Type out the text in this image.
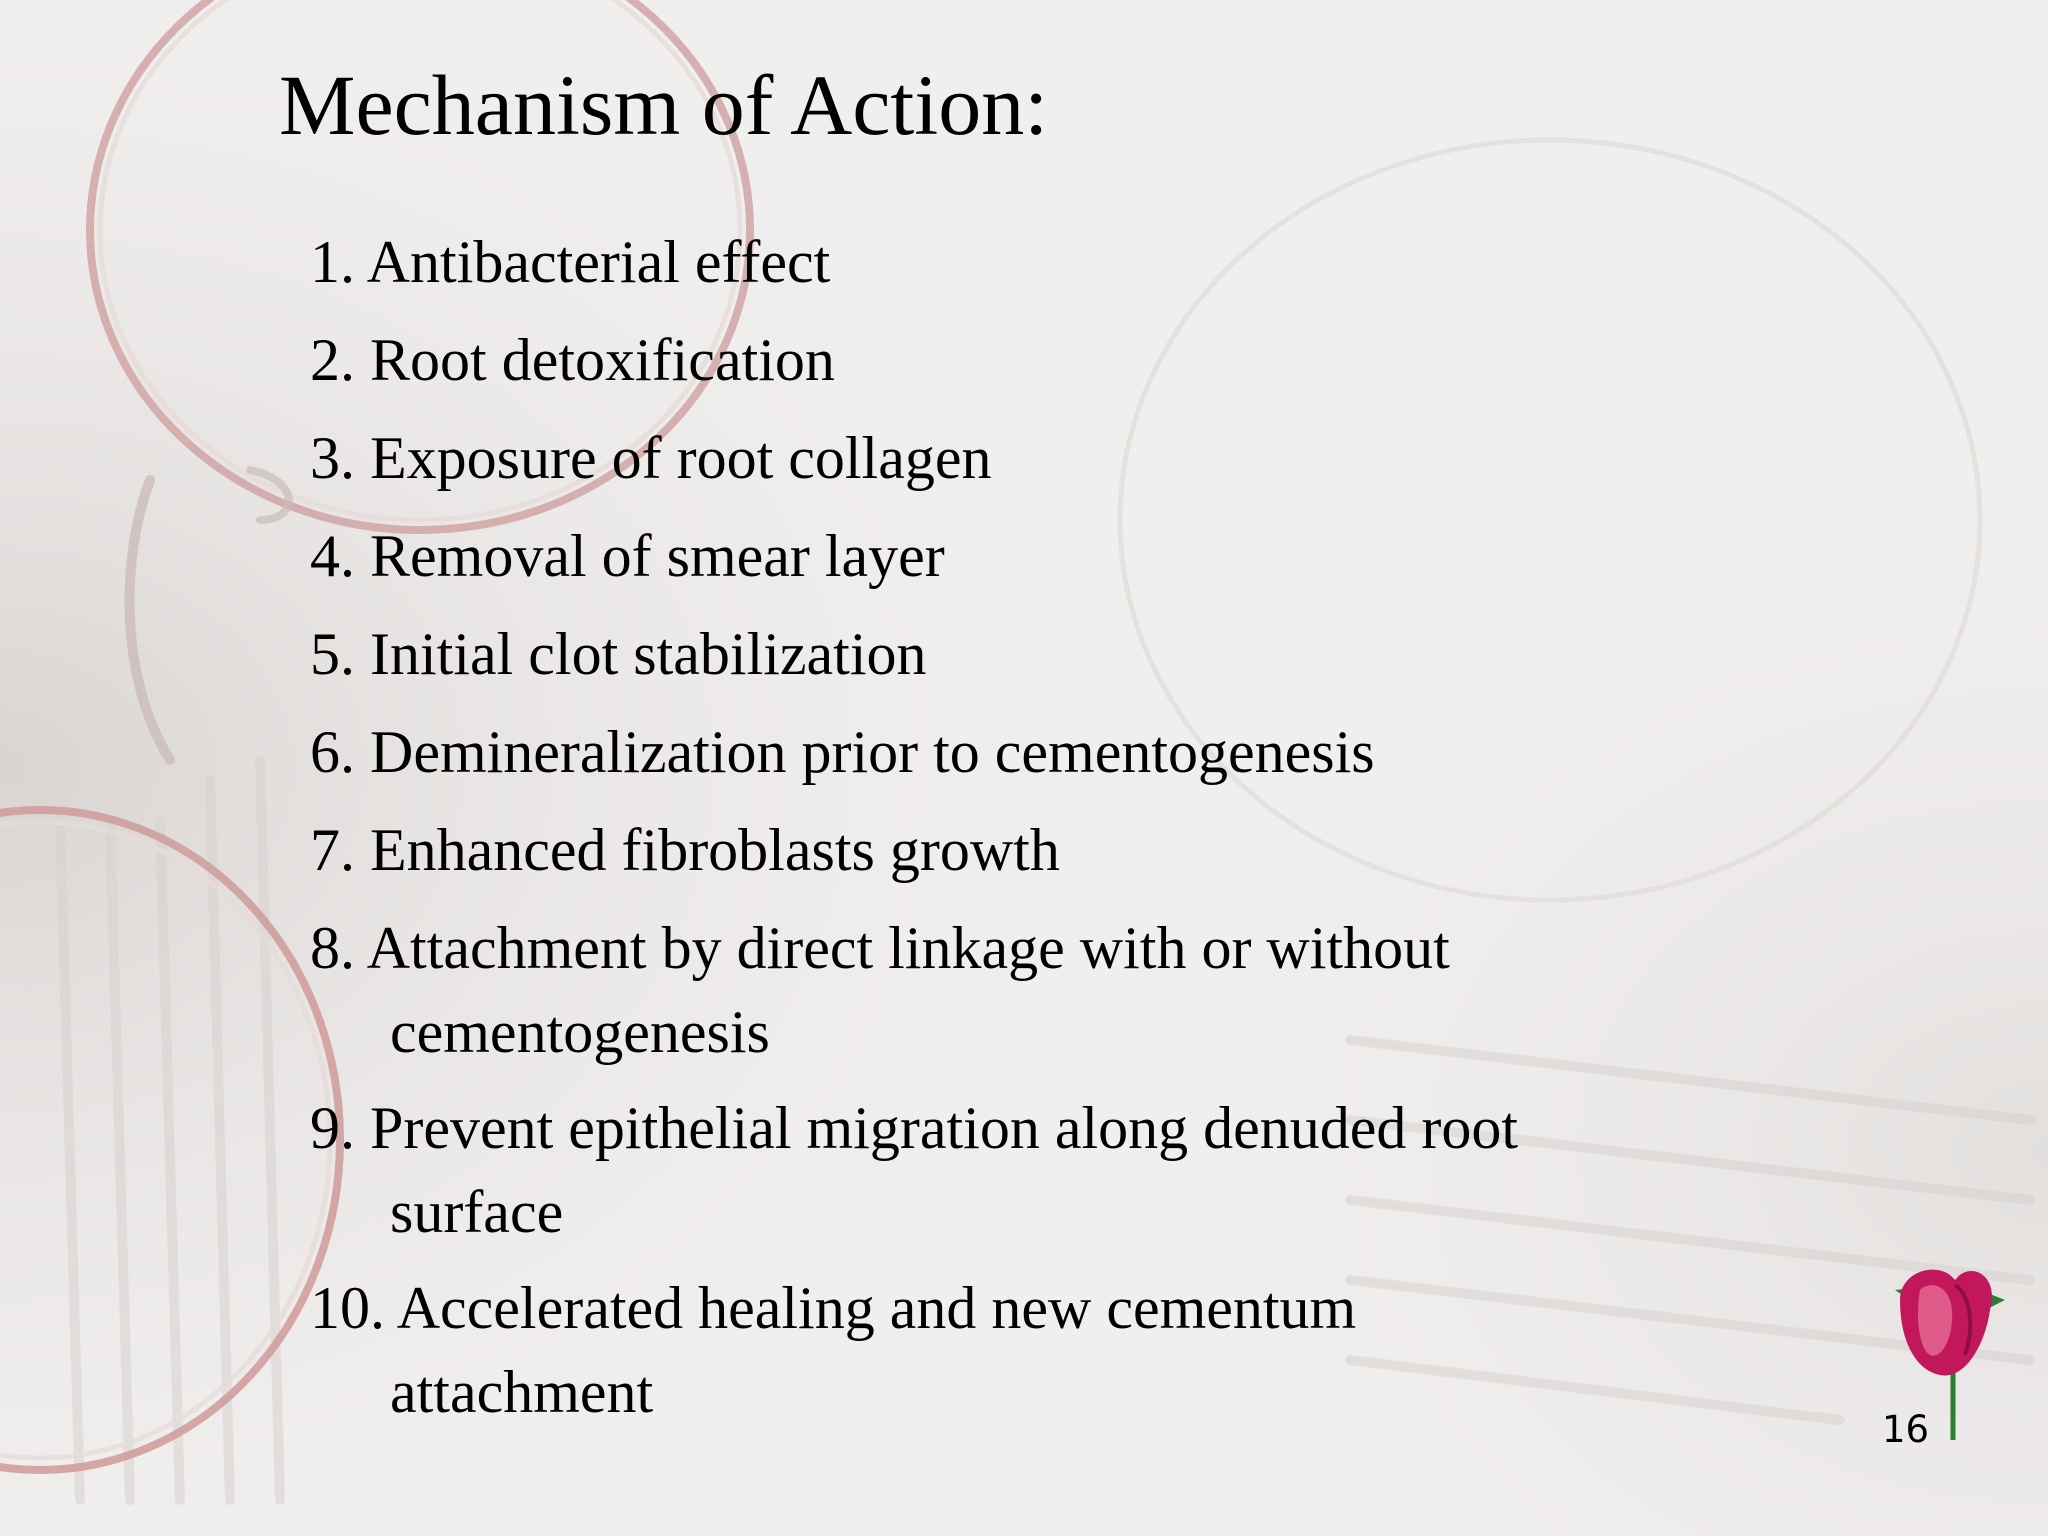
Mechanism of Action:
1. Antibacterial effect
2. Root detoxification
3. Exposure of root collagen
4. Removal of smear layer
5. Initial clot stabilization
6. Demineralization prior to cementogenesis
7. Enhanced fibroblasts growth
8. Attachment by direct linkage with or without
cementogenesis
9. Prevent epithelial migration along denuded root
surface
10. Accelerated healing and new cementum
attachment
16
